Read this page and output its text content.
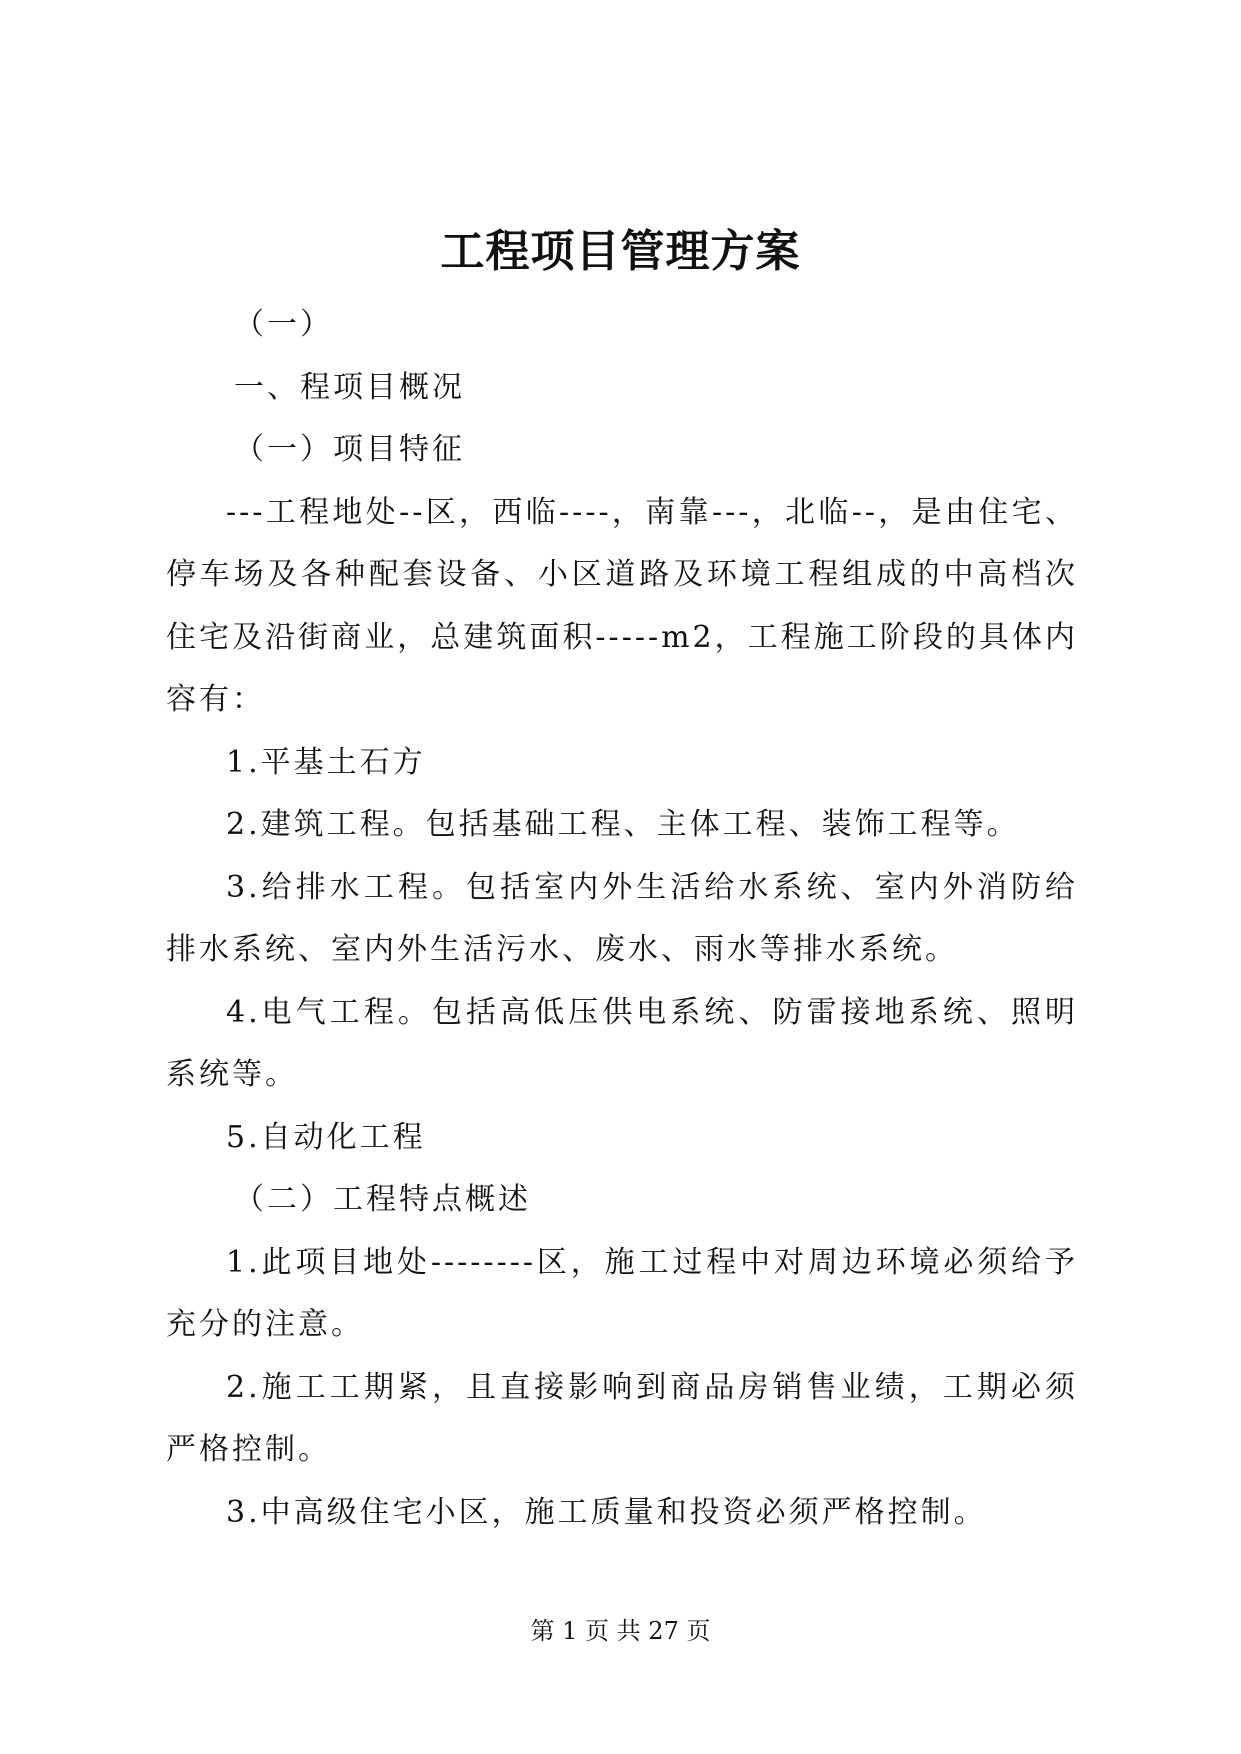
工程项目管理方案

（一）

一、程项目概况

（一）项目特征

---工程地处--区，西临----，南靠---，北临--，是由住宅、停车场及各种配套设备、小区道路及环境工程组成的中高档次住宅及沿街商业，总建筑面积-----m2，工程施工阶段的具体内容有：

1.平基土石方

2.建筑工程。包括基础工程、主体工程、装饰工程等。

3.给排水工程。包括室内外生活给水系统、室内外消防给排水系统、室内外生活污水、废水、雨水等排水系统。

4.电气工程。包括高低压供电系统、防雷接地系统、照明系统等。

5.自动化工程

（二）工程特点概述

1.此项目地处--------区，施工过程中对周边环境必须给予充分的注意。

2.施工工期紧，且直接影响到商品房销售业绩，工期必须严格控制。

3.中高级住宅小区，施工质量和投资必须严格控制。

第 1 页 共 27 页
